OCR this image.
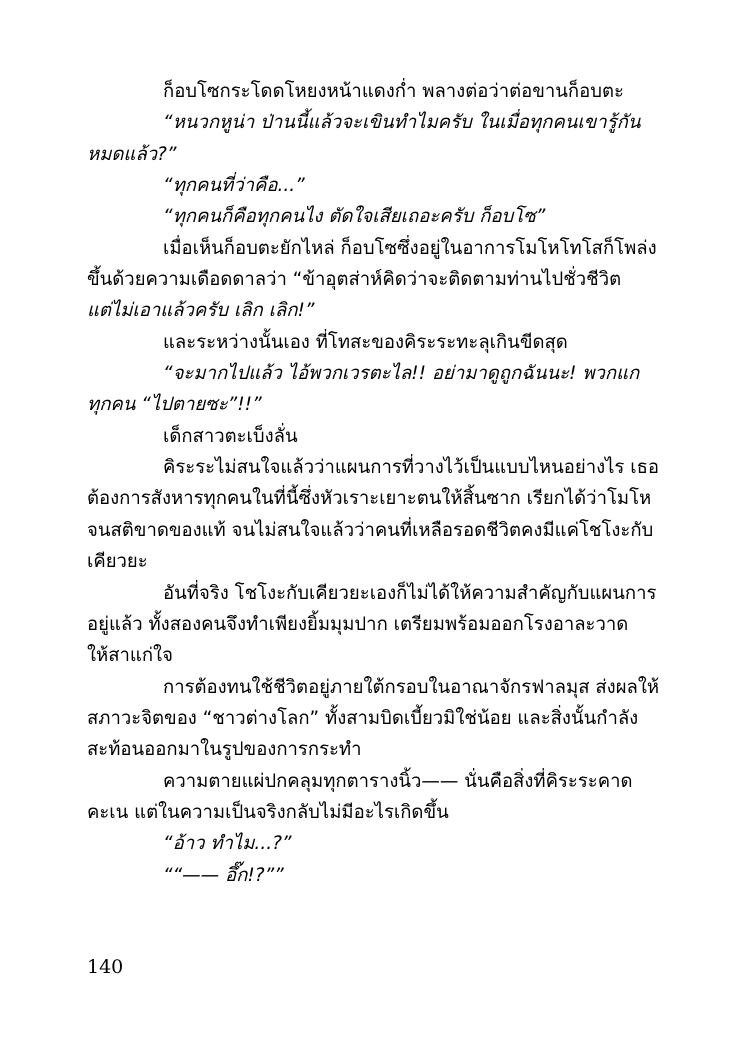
ก็อบโซกระโดดโหยงหน้าแดงก่ำ พลางต่อว่าต่อขานก็อบตะ
“หนวกหูน่า ป่านนี้แล้วจะเขินทำไมครับ ในเมื่อทุกคนเขารู้กัน
หมดแล้ว?”
“ทุกคนที่ว่าคือ...”
“ทุกคนก็คือทุกคนไง ตัดใจเสียเถอะครับ ก็อบโซ”
เมื่อเห็นก็อบตะยักไหล่ ก็อบโซซึ่งอยู่ในอาการโมโหโทโสก็โพล่ง
ขึ้นด้วยความเดือดดาลว่า “ข้าอุตส่าห์คิดว่าจะติดตามท่านไปชั่วชีวิต
แต่ไม่เอาแล้วครับ เลิก เลิก!”
และระหว่างนั้นเอง ที่โทสะของคิระระทะลุเกินขีดสุด
“จะมากไปแล้ว ไอ้พวกเวรตะไล!! อย่ามาดูถูกฉันนะ! พวกแก
ทุกคน “ไปตายซะ”!!”
เด็กสาวตะเบ็งลั่น
คิระระไม่สนใจแล้วว่าแผนการที่วางไว้เป็นแบบไหนอย่างไร เธอ
ต้องการสังหารทุกคนในที่นี้ซึ่งหัวเราะเยาะตนให้สิ้นซาก เรียกได้ว่าโมโห
จนสติขาดของแท้ จนไม่สนใจแล้วว่าคนที่เหลือรอดชีวิตคงมีแค่โชโงะกับ
เคียวยะ
อันที่จริง โชโงะกับเคียวยะเองก็ไม่ได้ให้ความสำคัญกับแผนการ
อยู่แล้ว ทั้งสองคนจึงทำเพียงยิ้มมุมปาก เตรียมพร้อมออกโรงอาละวาด
ให้สาแก่ใจ
การต้องทนใช้ชีวิตอยู่ภายใต้กรอบในอาณาจักรฟาลมุส ส่งผลให้
สภาวะจิตของ “ชาวต่างโลก” ทั้งสามบิดเบี้ยวมิใช่น้อย และสิ่งนั้นกำลัง
สะท้อนออกมาในรูปของการกระทำ
ความตายแผ่ปกคลุมทุกตารางนิ้ว—— นั่นคือสิ่งที่คิระระคาด
คะเน แต่ในความเป็นจริงกลับไม่มีอะไรเกิดขึ้น
“อ้าว ทำไม...?”
““—— อึ๊ก!?””
140
